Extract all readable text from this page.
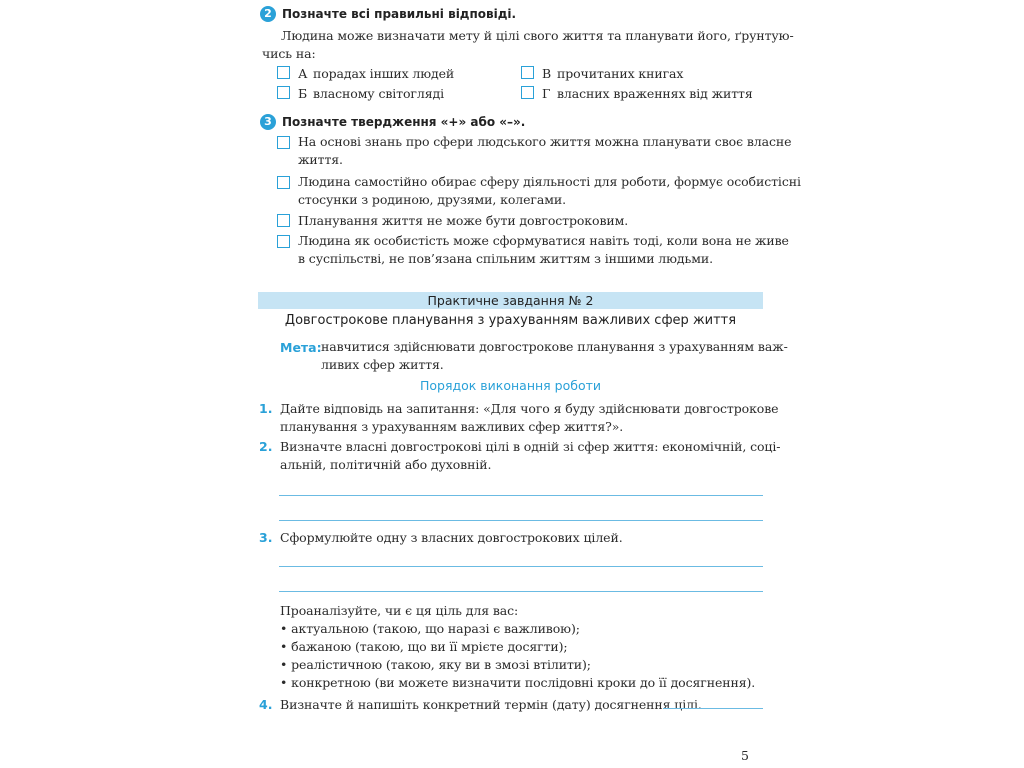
2 Позначте всі правильні відповіді.
Людина може визначати мету й цілі свого життя та планувати його, ґрунтую-
чись на:
А порадах інших людей
Б власному світогляді
В прочитаних книгах
Г власних враженнях від життя
3 Позначте твердження «+» або «–».
На основі знань про сфери людського життя можна планувати своє власне
життя.
Людина самостійно обирає сферу діяльності для роботи, формує особистісні
стосунки з родиною, друзями, колегами.
Планування життя не може бути довгостроковим.
Людина як особистість може сформуватися навіть тоді, коли вона не живе
в суспільстві, не пов’язана спільним життям з іншими людьми.
Практичне завдання № 2
Довгострокове планування з урахуванням важливих сфер життя
Мета: навчитися здійснювати довгострокове планування з урахуванням важ-
ливих сфер життя.
Порядок виконання роботи
1. Дайте відповідь на запитання: «Для чого я буду здійснювати довгострокове
планування з урахуванням важливих сфер життя?».
2. Визначте власні довгострокові цілі в одній зі сфер життя: економічній, соці-
альній, політичній або духовній.
3. Сформулюйте одну з власних довгострокових цілей.
Проаналізуйте, чи є ця ціль для вас:
• актуальною (такою, що наразі є важливою);
• бажаною (такою, що ви її мрієте досягти);
• реалістичною (такою, яку ви в змозі втілити);
• конкретною (ви можете визначити послідовні кроки до її досягнення).
4. Визначте й напишіть конкретний термін (дату) досягнення цілі.
5
